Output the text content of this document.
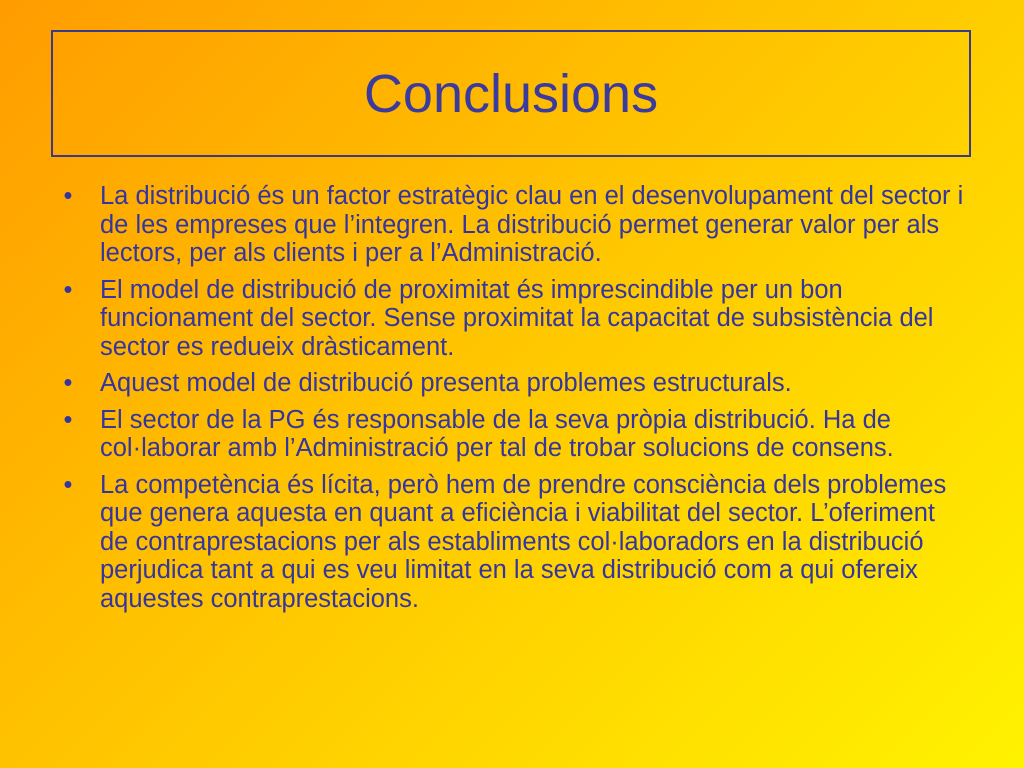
Conclusions
• La distribució és un factor estratègic clau en el desenvolupament del sector i de les empreses que l’integren. La distribució permet generar valor per als lectors, per als clients i per a l’Administració.
• El model de distribució de proximitat és imprescindible per un bon funcionament del sector. Sense proximitat la capacitat de subsistència del sector es redueix dràsticament.
• Aquest model de distribució presenta problemes estructurals.
• El sector de la PG és responsable de la seva pròpia distribució. Ha de col·laborar amb l’Administració per tal de trobar solucions de consens.
• La competència és lícita, però hem de prendre consciència dels problemes que genera aquesta en quant a eficiència i viabilitat del sector. L’oferiment de contraprestacions per als establiments col·laboradors en la distribució perjudica tant a qui es veu limitat en la seva distribució com a qui ofereix aquestes contraprestacions.
